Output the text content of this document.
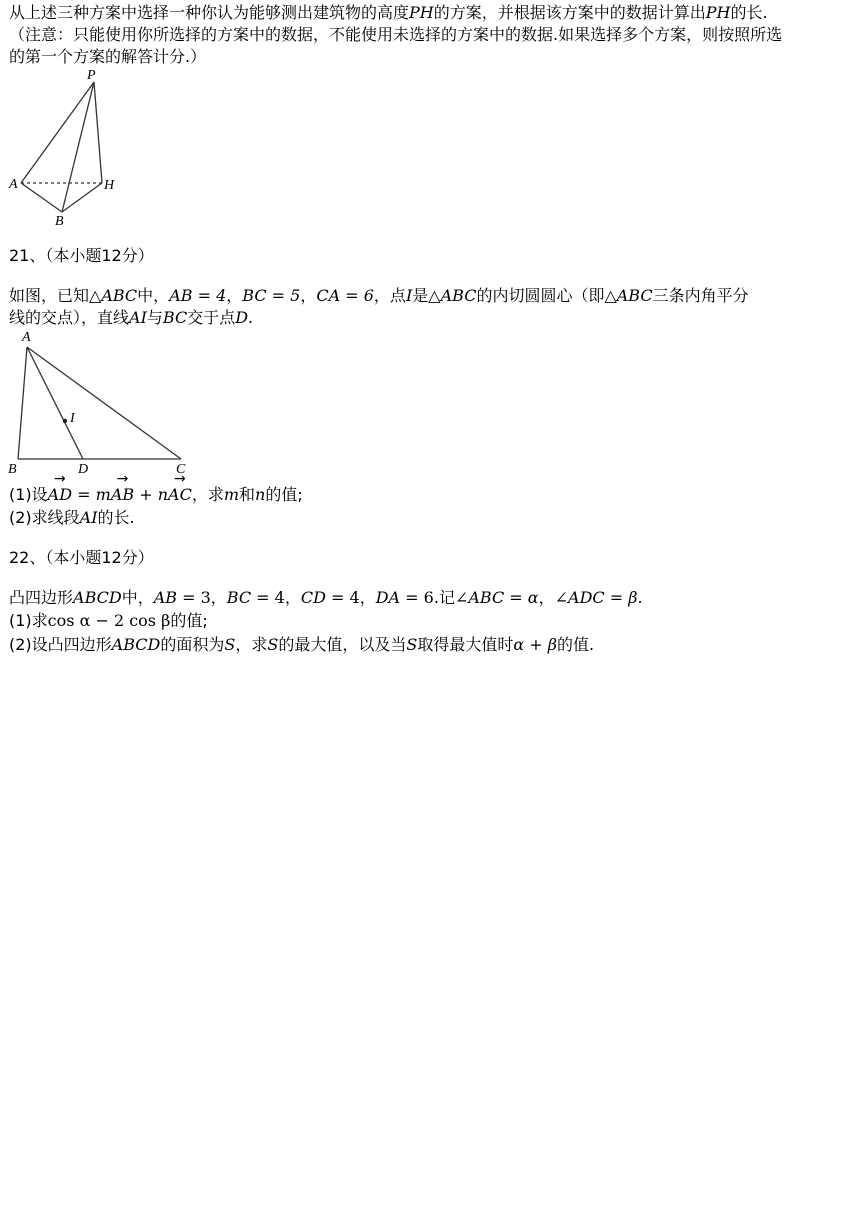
从上述三种方案中选择一种你认为能够测出建筑物的高度PH的方案，并根据该方案中的数据计算出PH的长.
（注意：只能使用你所选择的方案中的数据，不能使用未选择的方案中的数据.如果选择多个方案，则按照所选
的第一个方案的解答计分.）
P
A	H
B
21、（本小题12分）
如图，已知△ABC中，AB = 4，BC = 5，CA = 6，点I是△ABC的内切圆圆心（即△ABC三条内角平分
线的交点），直线AI与BC交于点D.
A
I
B	D	C
(1)设→ AD = m→ AB + n→ AC，求m和n的值;
(2)求线段AI的长.
22、（本小题12分）
凸四边形ABCD中，AB = 3，BC = 4，CD = 4，DA = 6.记∠ABC = α，∠ADC = β.
(1)求cos α − 2 cos β的值;
(2)设凸四边形ABCD的面积为S，求S的最大值，以及当S取得最大值时α + β的值.
